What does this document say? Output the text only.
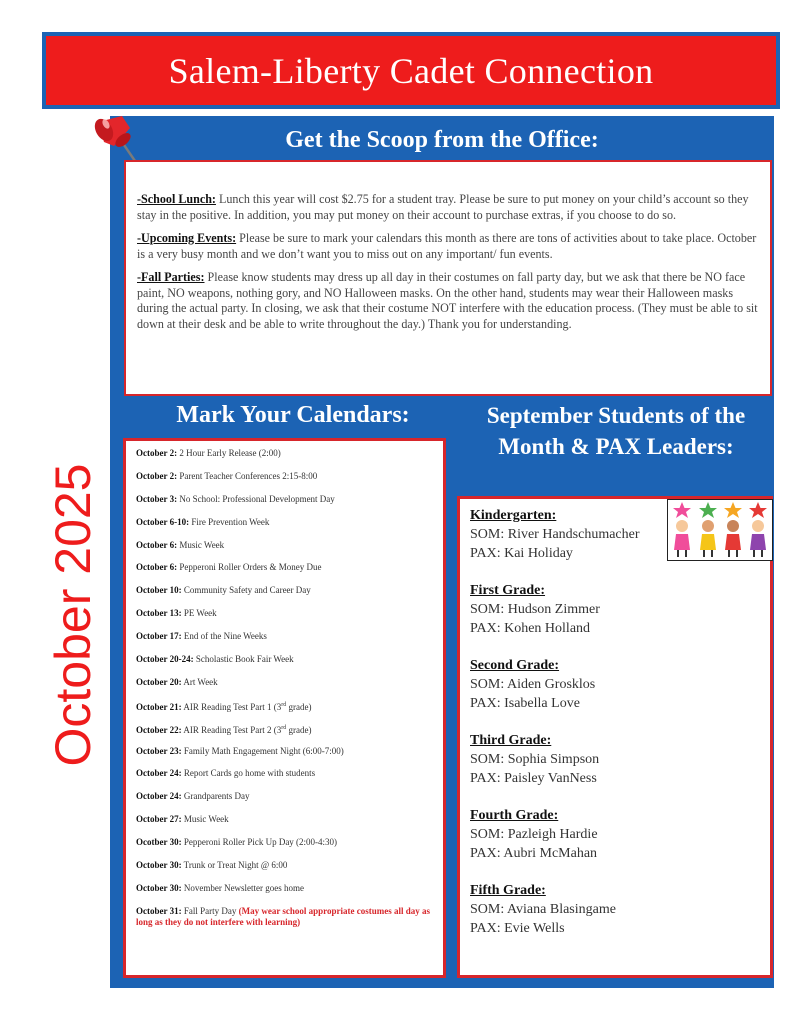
Salem-Liberty Cadet Connection
October 2025
Get the Scoop from the Office:

-School Lunch: Lunch this year will cost $2.75 for a student tray. Please be sure to put money on your child’s account so they stay in the positive. In addition, you may put money on their account to purchase extras, if you choose to do so.

-Upcoming Events: Please be sure to mark your calendars this month as there are tons of activities about to take place. October is a very busy month and we don’t want you to miss out on any important/ fun events.

-Fall Parties: Please know students may dress up all day in their costumes on fall party day, but we ask that there be NO face paint, NO weapons, nothing gory, and NO Halloween masks. On the other hand, students may wear their Halloween masks during the actual party. In closing, we ask that their costume NOT interfere with the education process. (They must be able to sit down at their desk and be able to write throughout the day.) Thank you for understanding.

Mark Your Calendars:
October 2: 2 Hour Early Release (2:00)
October 2: Parent Teacher Conferences 2:15-8:00
October 3: No School: Professional Development Day
October 6-10: Fire Prevention Week
October 6: Music Week
October 6: Pepperoni Roller Orders & Money Due
October 10: Community Safety and Career Day
October 13: PE Week
October 17: End of the Nine Weeks
October 20-24: Scholastic Book Fair Week
October 20: Art Week
October 21: AIR Reading Test Part 1 (3rd grade)
October 22: AIR Reading Test Part 2 (3rd grade)
October 23: Family Math Engagement Night (6:00-7:00)
October 24: Report Cards go home with students
October 24: Grandparents Day
October 27: Music Week
Ocotber 30: Pepperoni Roller Pick Up Day (2:00-4:30)
October 30: Trunk or Treat Night @ 6:00
October 30: November Newsletter goes home
October 31: Fall Party Day (May wear school appropriate costumes all day as long as they do not interfere with learning)
September Students of the Month & PAX Leaders:
Kindergarten:
SOM: River Handschumacher
PAX: Kai Holiday
First Grade:
SOM: Hudson Zimmer
PAX: Kohen Holland
Second Grade:
SOM: Aiden Grosklos
PAX: Isabella Love
Third Grade:
SOM: Sophia Simpson
PAX: Paisley VanNess
Fourth Grade:
SOM: Pazleigh Hardie
PAX: Aubri McMahan
Fifth Grade:
SOM: Aviana Blasingame
PAX: Evie Wells
